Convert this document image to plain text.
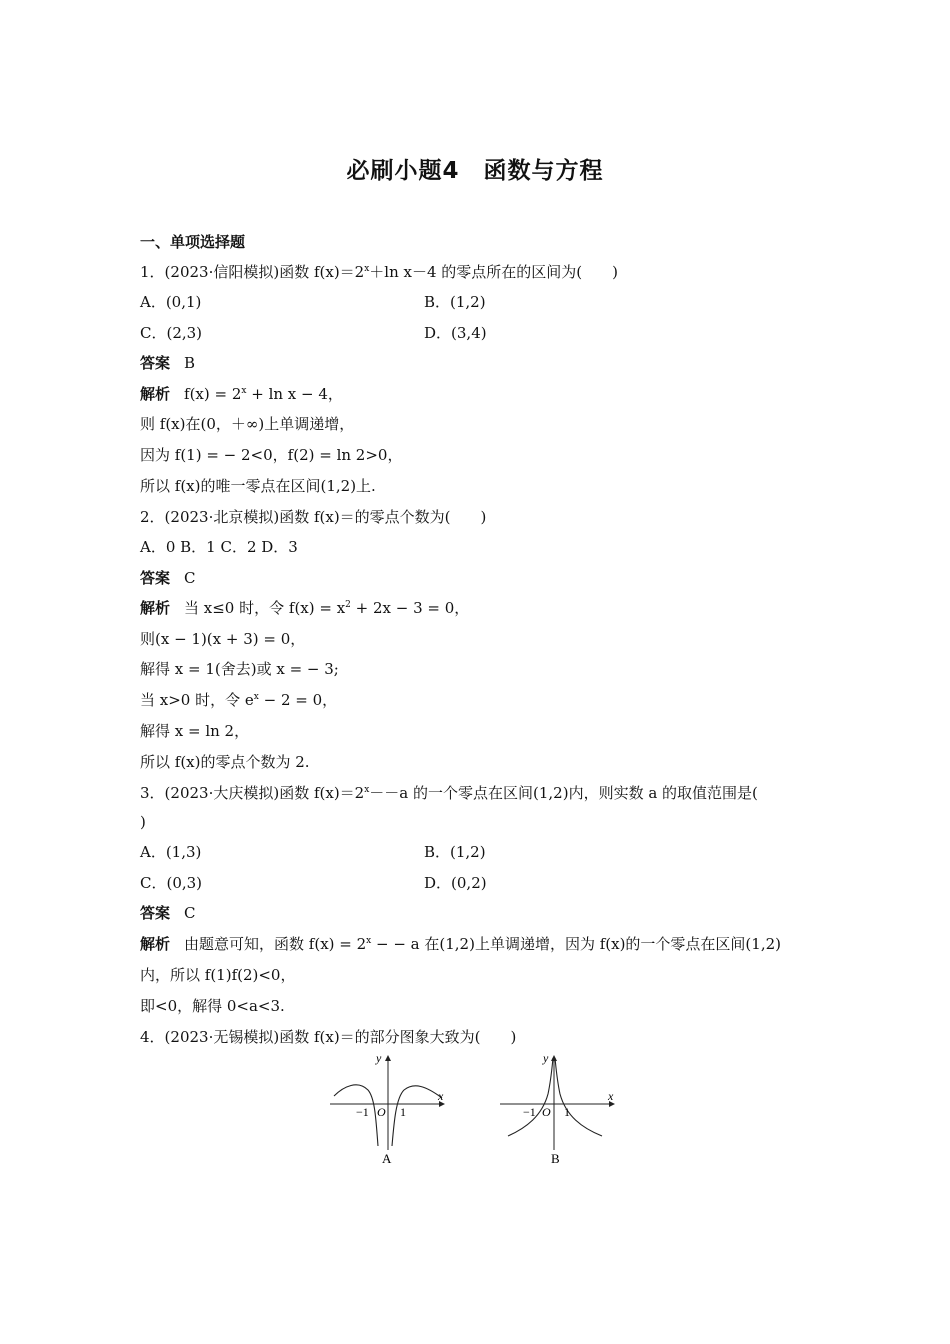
必刷小题4　函数与方程
一、单项选择题
1．(2023·信阳模拟)函数 $f(x)=2^x+\ln$ x－4 的零点所在的区间为(　　)
A．(0,1)	B．(1,2)
C．(2,3)	D．(3,4)
答案 B
解析 $f(x) = 2^x + \ln x - 4$，
则 f(x)在(0，＋∞)上单调递增，
因为 f(1) = − 2<0，f(2) = ln 2>0，
所以 f(x)的唯一零点在区间(1,2)上.
2．(2023·北京模拟)函数 f(x)＝的零点个数为(　　)
A．0 B．1 C．2 D．3
答案 C
解析 当 x≤0 时，令 $f(x) = x^2 + 2x - 3 = 0$，
则(x − 1)(x + 3) = 0，
解得 x = 1(舍去)或 x = − 3;
当 x>0 时，令 $e^x - 2 = 0$，
解得 x = ln 2，
所以 f(x)的零点个数为 2.
3．(2023·大庆模拟)函数 $f(x)=2^x--a$ 的一个零点在区间(1,2)内，则实数 a 的取值范围是(
)
A．(1,3)	B．(1,2)
C．(0,3)	D．(0,2)
答案 C
解析 由题意可知，函数 $f(x) = 2^x$ − − a 在(1,2)上单调递增，因为 f(x)的一个零点在区间(1,2)
内，所以 f(1)f(2)<0，
即<0，解得 0<a<3.
4．(2023·无锡模拟)函数 f(x)＝的部分图象大致为(　　)
y
x
−1 O 1
A
y
x
−1 O 1
B
